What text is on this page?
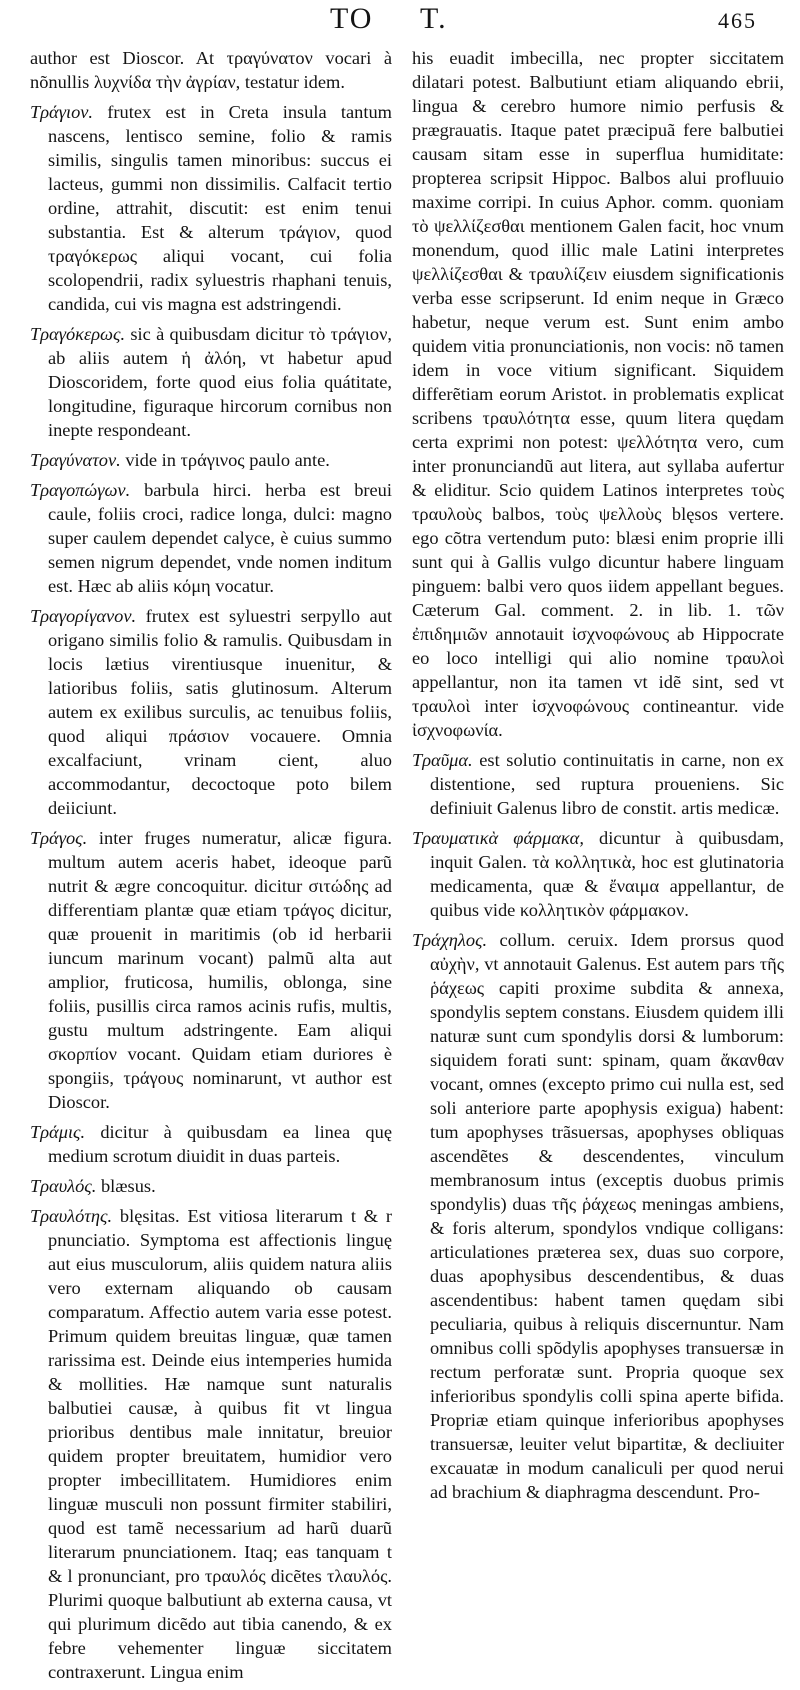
TO T.	465

author est Dioscor. At τραγύνατον vocari à nõnullis λυχνίδα τὴν ἀγρίαν, testatur idem.

Τράγιον. frutex est in Creta insula tantum nascens, lentisco semine, folio & ramis similis, singulis tamen minoribus: succus ei lacteus, gummi non dissimilis. Calfacit tertio ordine, attrahit, discutit: est enim tenui substantia. Est & alterum τράγιον, quod τραγόκερως aliqui vocant, cui folia scolopendrii, radix syluestris rhaphani tenuis, candida, cui vis magna est adstringendi.

Τραγόκερως. sic à quibusdam dicitur τὸ τράγιον, ab aliis autem ἡ ἀλόη, vt habetur apud Dioscoridem, forte quod eius folia quátitate, longitudine, figuraque hircorum cornibus non inepte respondeant.

Τραγύνατον. vide in τράγινος paulo ante.

Τραγοπώγων. barbula hirci. herba est breui caule, foliis croci, radice longa, dulci: magno super caulem dependet calyce, è cuius summo semen nigrum dependet, vnde nomen inditum est. Hæc ab aliis κόμη vocatur.

Τραγορίγανον. frutex est syluestri serpyllo aut origano similis folio & ramulis. Quibusdam in locis lætius virentiusque inuenitur, & latioribus foliis, satis glutinosum. Alterum autem ex exilibus surculis, ac tenuibus foliis, quod aliqui πράσιον vocauere. Omnia excalfaciunt, vrinam cient, aluo accommodantur, decoctoque poto bilem deiiciunt.

Τράγος. inter fruges numeratur, alicæ figura. multum autem aceris habet, ideoque parũ nutrit & ægre concoquitur. dicitur σιτώδης ad differentiam plantæ quæ etiam τράγος dicitur, quæ prouenit in maritimis (ob id herbarii iuncum marinum vocant) palmũ alta aut amplior, fruticosa, humilis, oblonga, sine foliis, pusillis circa ramos acinis rufis, multis, gustu multum adstringente. Eam aliqui σκορπίον vocant. Quidam etiam duriores è spongiis, τράγους nominarunt, vt author est Dioscor.

Τράμις. dicitur à quibusdam ea linea quę medium scrotum diuidit in duas parteis.

Τραυλός. blæsus.

Τραυλότης. blęsitas. Est vitiosa literarum t & r pnunciatio. Symptoma est affectionis linguę aut eius musculorum, aliis quidem natura aliis vero externam aliquando ob causam comparatum. Affectio autem varia esse potest. Primum quidem breuitas linguæ, quæ tamen rarissima est. Deinde eius intemperies humida & mollities. Hæ namque sunt naturalis balbutiei causæ, à quibus fit vt lingua prioribus dentibus male innitatur, breuior quidem propter breuitatem, humidior vero propter imbecillitatem. Humidiores enim linguæ musculi non possunt firmiter stabiliri, quod est tamẽ necessarium ad harũ duarũ literarum pnunciationem. Itaq; eas tanquam t & l pronunciant, pro τραυλός dicẽtes τλαυλός. Plurimi quoque balbutiunt ab externa causa, vt qui plurimum dicẽdo aut tibia canendo, & ex febre vehementer linguæ siccitatem contraxerunt. Lingua enim

his euadit imbecilla, nec propter siccitatem dilatari potest. Balbutiunt etiam aliquando ebrii, lingua & cerebro humore nimio perfusis & prægrauatis. Itaque patet præcipuã fere balbutiei causam sitam esse in superflua humiditate: propterea scripsit Hippoc. Balbos alui profluuio maxime corripi. In cuius Aphor. comm. quoniam τὸ ψελλίζεσθαι mentionem Galen facit, hoc vnum monendum, quod illic male Latini interpretes ψελλίζεσθαι & τραυλίζειν eiusdem significationis verba esse scripserunt. Id enim neque in Græco habetur, neque verum est. Sunt enim ambo quidem vitia pronunciationis, non vocis: nõ tamen idem in voce vitium significant. Siquidem differẽtiam eorum Aristot. in problematis explicat scribens τραυλότητα esse, quum litera quędam certa exprimi non potest: ψελλότητα vero, cum inter pronunciandũ aut litera, aut syllaba aufertur & eliditur. Scio quidem Latinos interpretes τοὺς τραυλοὺς balbos, τοὺς ψελλοὺς blęsos vertere. ego cõtra vertendum puto: blæsi enim proprie illi sunt qui à Gallis vulgo dicuntur habere linguam pinguem: balbi vero quos iidem appellant begues. Cæterum Gal. comment. 2. in lib. 1. τῶν ἐπιδημιῶν annotauit ἰσχνοφώνους ab Hippocrate eo loco intelligi qui alio nomine τραυλοὶ appellantur, non ita tamen vt idẽ sint, sed vt τραυλοὶ inter ἰσχνοφώνους contineantur. vide ἰσχνοφωνία.

Τραῦμα. est solutio continuitatis in carne, non ex distentione, sed ruptura proueniens. Sic definiuit Galenus libro de constit. artis medicæ.

Τραυματικὰ φάρμακα, dicuntur à quibusdam, inquit Galen. τὰ κολλητικὰ, hoc est glutinatoria medicamenta, quæ & ἔναιμα appellantur, de quibus vide κολλητικὸν φάρμακον.

Τράχηλος. collum. ceruix. Idem prorsus quod αὐχὴν, vt annotauit Galenus. Est autem pars τῆς ῥάχεως capiti proxime subdita & annexa, spondylis septem constans. Eiusdem quidem illi naturæ sunt cum spondylis dorsi & lumborum: siquidem forati sunt: spinam, quam ἄκανθαν vocant, omnes (excepto primo cui nulla est, sed soli anteriore parte apophysis exigua) habent: tum apophyses trãsuersas, apophyses obliquas ascendẽtes & descendentes, vinculum membranosum intus (exceptis duobus primis spondylis) duas τῆς ῥάχεως meningas ambiens, & foris alterum, spondylos vndique colligans: articulationes præterea sex, duas suo corpore, duas apophysibus descendentibus, & duas ascendentibus: habent tamen quędam sibi peculiaria, quibus à reliquis discernuntur. Nam omnibus colli spõdylis apophyses transuersæ in rectum perforatæ sunt. Propria quoque sex inferioribus spondylis colli spina aperte bifida. Propriæ etiam quinque inferioribus apophyses transuersæ, leuiter velut bipartitæ, & decliuiter excauatæ in modum canaliculi per quod nerui ad brachium & diaphragma descendunt. Pro-
